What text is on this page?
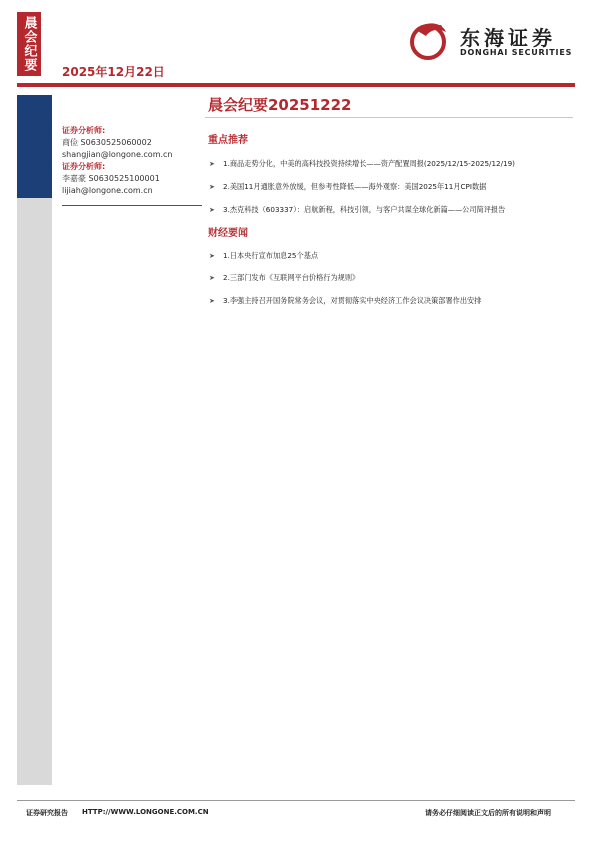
晨会纪要 2025年12月22日
东海证券
DONGHAI SECURITIES
证券分析师:
商俭 S0630525060002
shangjian@longone.com.cn
证券分析师:
李嘉豪 S0630525100001
lijiah@longone.com.cn
晨会纪要20251222
重点推荐
➤ 1.商品走势分化，中美的高科技投资持续增长——资产配置周报(2025/12/15-2025/12/19)
➤ 2.美国11月通胀意外放缓，但参考性降低——海外观察：美国2025年11月CPI数据
➤ 3.杰克科技（603337）：启航新程，科技引领，与客户共谋全球化新篇——公司简评报告
财经要闻
➤ 1.日本央行宣布加息25个基点
➤ 2.三部门发布《互联网平台价格行为规则》
➤ 3.李强主持召开国务院常务会议，对贯彻落实中央经济工作会议决策部署作出安排
证券研究报告 HTTP://WWW.LONGONE.COM.CN	请务必仔细阅读正文后的所有说明和声明
